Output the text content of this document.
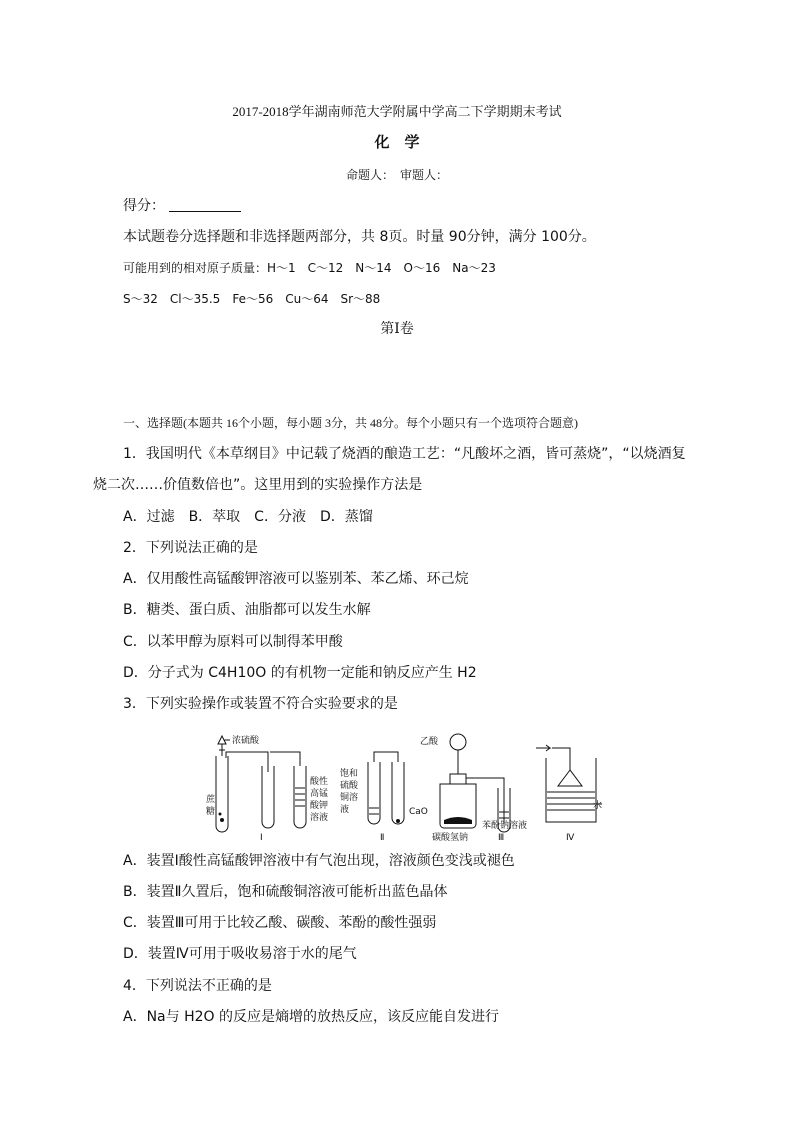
2017-2018学年湖南师范大学附属中学高二下学期期末考试
化　学
命题人：　审题人：
得分：
本试题卷分选择题和非选择题两部分，共 8页。时量 90分钟，满分 100分。
可能用到的相对原子质量：H～1　C～12　N～14　O～16　Na～23
S～32　Cl～35.5　Fe～56　Cu～64　Sr～88
第Ⅰ卷
一、选择题(本题共 16个小题，每小题 3分，共 48分。每个小题只有一个选项符合题意)
1．我国明代《本草纲目》中记载了烧酒的酿造工艺：“凡酸坏之酒，皆可蒸烧”，“以烧酒复
烧二次……价值数倍也”。这里用到的实验操作方法是
A．过滤　B．萃取　C．分液　D．蒸馏
2．下列说法正确的是
A．仅用酸性高锰酸钾溶液可以鉴别苯、苯乙烯、环己烷
B．糖类、蛋白质、油脂都可以发生水解
C．以苯甲醇为原料可以制得苯甲酸
D．分子式为 C4H10O 的有机物一定能和钠反应产生 H2
3．下列实验操作或装置不符合实验要求的是
浓硫酸
蔗
糖
酸性
高锰
酸钾
溶液
Ⅰ
饱和
硫酸
铜溶
液	CaO
Ⅱ
乙酸
碳酸氢钠
苯酚钠溶液
Ⅲ
水
Ⅳ
A．装置Ⅰ酸性高锰酸钾溶液中有气泡出现，溶液颜色变浅或褪色
B．装置Ⅱ久置后，饱和硫酸铜溶液可能析出蓝色晶体
C．装置Ⅲ可用于比较乙酸、碳酸、苯酚的酸性强弱
D．装置Ⅳ可用于吸收易溶于水的尾气
4．下列说法不正确的是
A．Na与 H2O 的反应是熵增的放热反应，该反应能自发进行
